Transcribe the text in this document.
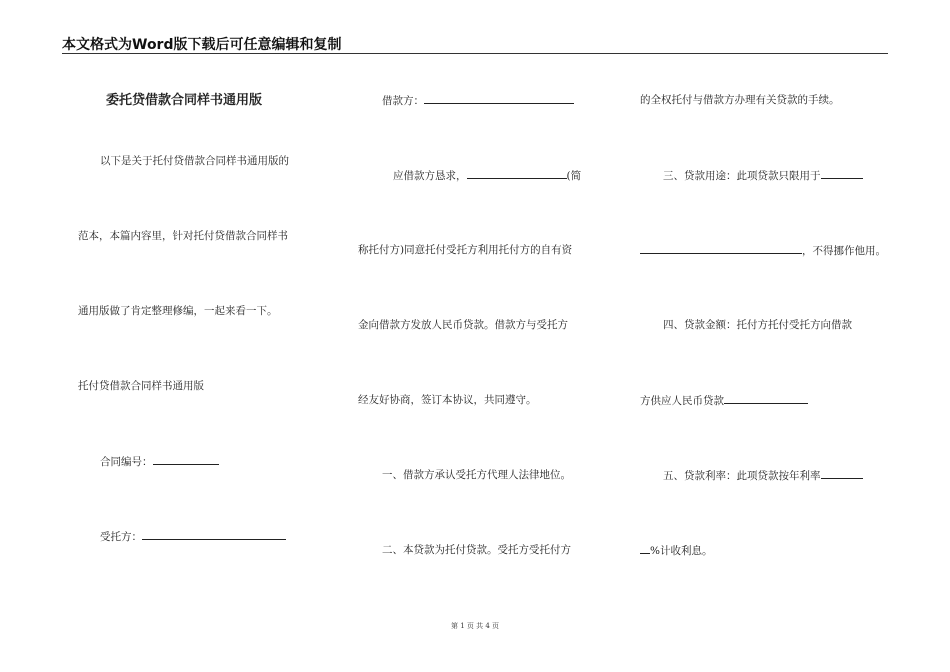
本文格式为Word版下载后可任意编辑和复制
委托贷借款合同样书通用版
以下是关于托付贷借款合同样书通用版的
范本，本篇内容里，针对托付贷借款合同样书
通用版做了肯定整理修编，一起来看一下。
托付贷借款合同样书通用版
合同编号：
受托方：
借款方：
应借款方恳求，	(简
称托付方)同意托付受托方利用托付方的自有资
金向借款方发放人民币贷款。借款方与受托方
经友好协商，签订本协议，共同遵守。
一、借款方承认受托方代理人法律地位。
二、本贷款为托付贷款。受托方受托付方
的全权托付与借款方办理有关贷款的手续。
三、贷款用途：此项贷款只限用于
，不得挪作他用。
四、贷款金额：托付方托付受托方向借款
方供应人民币贷款
五、贷款利率：此项贷款按年利率
%计收利息。
第 1 页 共 4 页
